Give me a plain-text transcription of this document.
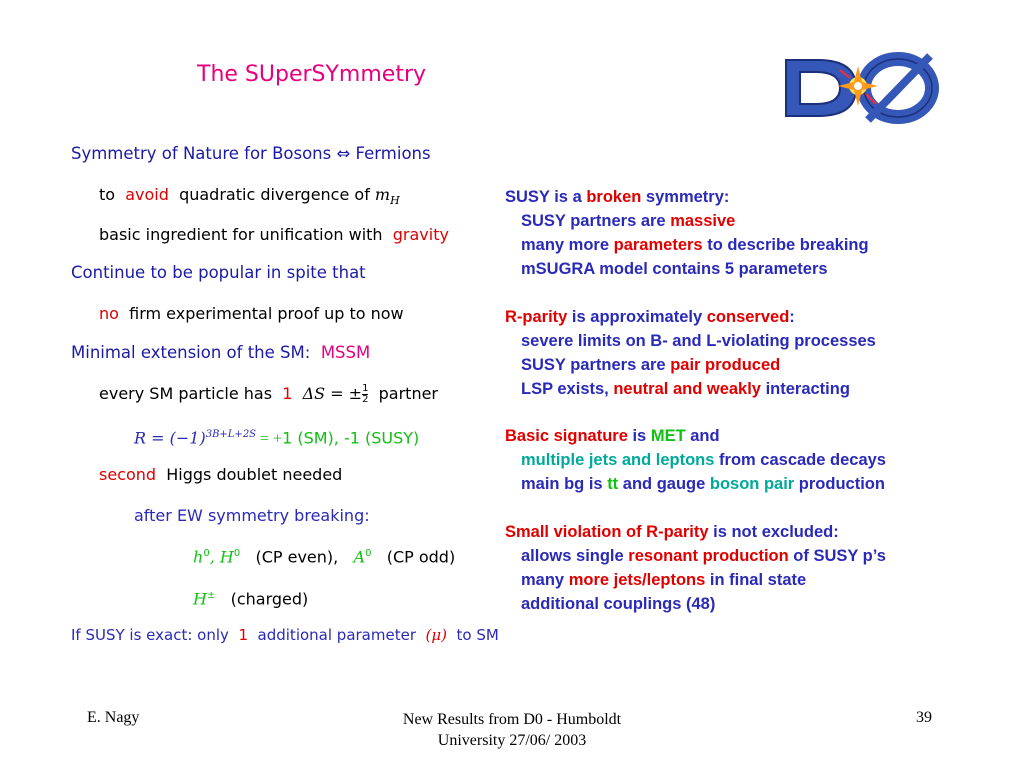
The SUperSYmmetry
Symmetry of Nature for Bosons ⇔ Fermions
to avoid quadratic divergence of $m_H$
basic ingredient for unification with gravity
Continue to be popular in spite that
no firm experimental proof up to now
Minimal extension of the SM: MSSM
every SM particle has 1 ΔS = ± $\frac{1}{2}$ partner
$R = (-1)^{3B+L+2S} = +1$ (SM), -1 (SUSY)
second Higgs doublet needed
after EW symmetry breaking:
$h^0$, $H^0$ (CP even), $A^0$ (CP odd)
H± (charged)
If SUSY is exact: only 1 additional parameter (μ) to SM
SUSY is a broken symmetry:
SUSY partners are massive
many more parameters to describe breaking
mSUGRA model contains 5 parameters
R-parity is approximately conserved:
severe limits on B- and L-violating processes
SUSY partners are pair produced
LSP exists, neutral and weakly interacting
Basic signature is MET and
multiple jets and leptons from cascade decays
main bg is tt and gauge boson pair production
Small violation of R-parity is not excluded:
allows single resonant production of SUSY p’s
many more jets/leptons in final state
additional couplings (48)
E. Nagy	New Results from D0 - Humboldt
University 27/06/ 2003
39
